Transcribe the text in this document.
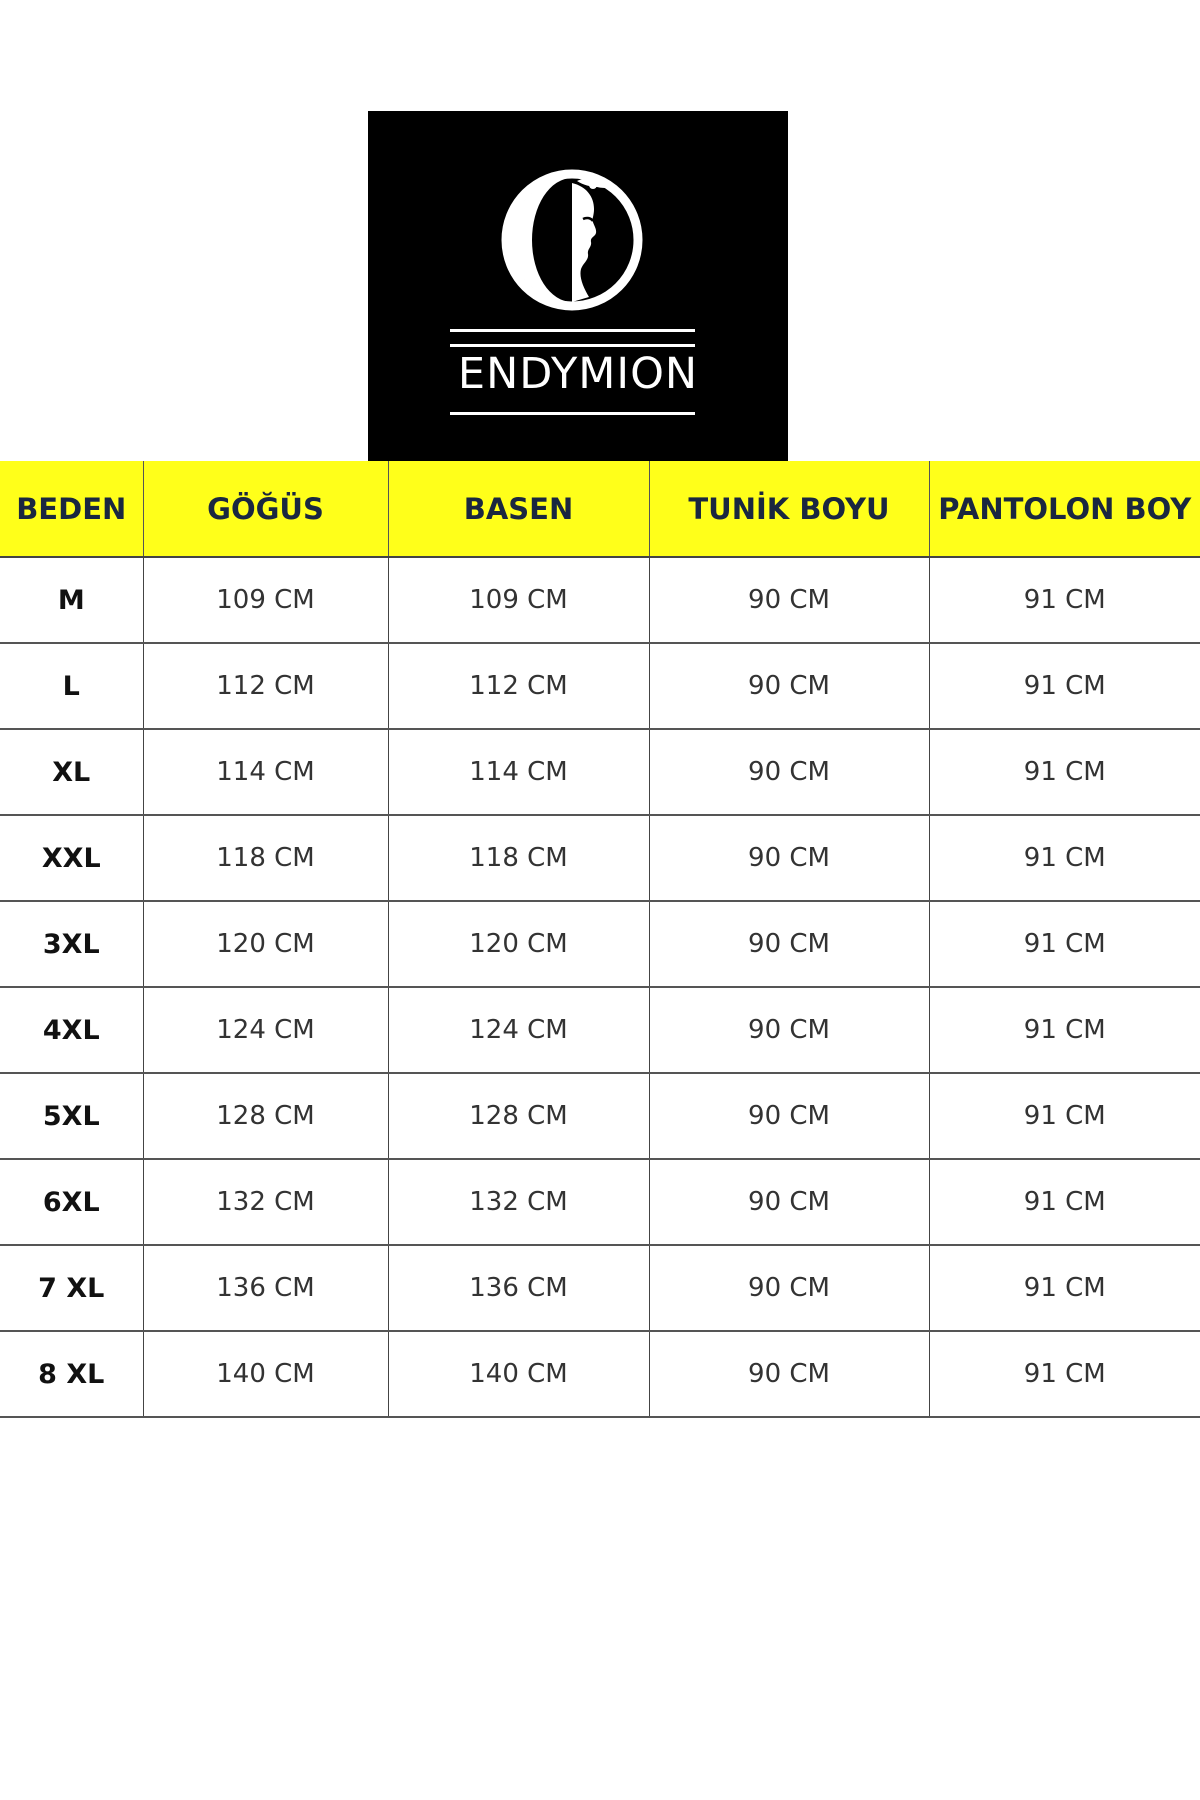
ENDYMION
BEDEN	GÖĞÜS	BASEN	TUNİK BOYU	PANTOLON BOY
M	109 CM	109 CM	90 CM	91 CM
L	112 CM	112 CM	90 CM	91 CM
XL	114 CM	114 CM	90 CM	91 CM
XXL	118 CM	118 CM	90 CM	91 CM
3XL	120 CM	120 CM	90 CM	91 CM
4XL	124 CM	124 CM	90 CM	91 CM
5XL	128 CM	128 CM	90 CM	91 CM
6XL	132 CM	132 CM	90 CM	91 CM
7 XL	136 CM	136 CM	90 CM	91 CM
8 XL	140 CM	140 CM	90 CM	91 CM
